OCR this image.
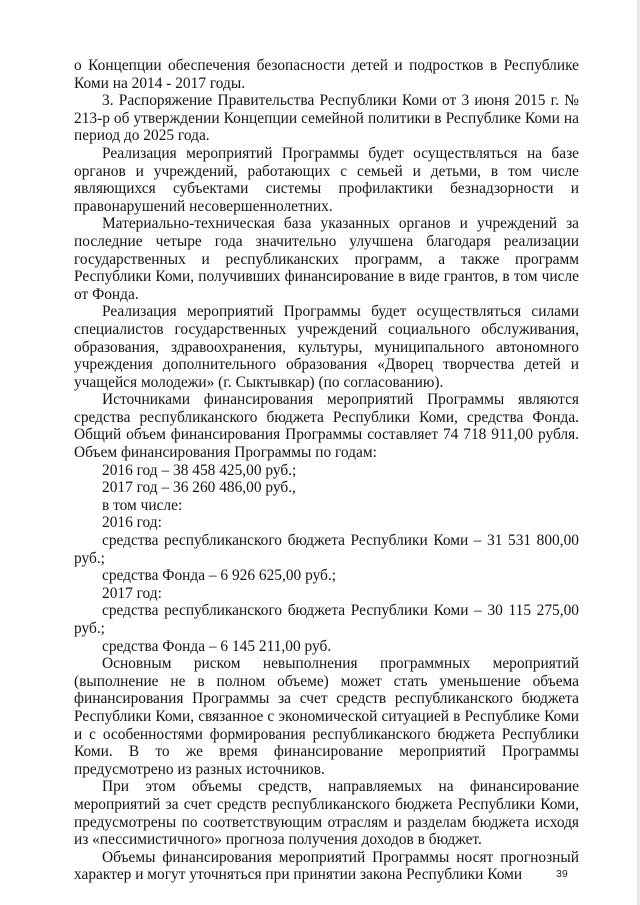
о Концепции обеспечения безопасности детей и подростков в Республике Коми на 2014 - 2017 годы.

3. Распоряжение Правительства Республики Коми от 3 июня 2015 г. № 213-р об утверждении Концепции семейной политики в Республике Коми на период до 2025 года.

Реализация мероприятий Программы будет осуществляться на базе органов и учреждений, работающих с семьей и детьми, в том числе являющихся субъектами системы профилактики безнадзорности и правонарушений несовершеннолетних.

Материально-техническая база указанных органов и учреждений за последние четыре года значительно улучшена благодаря реализации государственных и республиканских программ, а также программ Республики Коми, получивших финансирование в виде грантов, в том числе от Фонда.

Реализация мероприятий Программы будет осуществляться силами специалистов государственных учреждений социального обслуживания, образования, здравоохранения, культуры, муниципального автономного учреждения дополнительного образования «Дворец творчества детей и учащейся молодежи» (г. Сыктывкар) (по согласованию).

Источниками финансирования мероприятий Программы являются средства республиканского бюджета Республики Коми, средства Фонда. Общий объем финансирования Программы составляет 74 718 911,00 рубля. Объем финансирования Программы по годам:

2016 год – 38 458 425,00 руб.;

2017 год – 36 260 486,00 руб.,

в том числе:

2016 год:

средства республиканского бюджета Республики Коми – 31 531 800,00 руб.;

средства Фонда – 6 926 625,00 руб.;

2017 год:

средства республиканского бюджета Республики Коми – 30 115 275,00 руб.;

средства Фонда – 6 145 211,00 руб.

Основным риском невыполнения программных мероприятий (выполнение не в полном объеме) может стать уменьшение объема финансирования Программы за счет средств республиканского бюджета Республики Коми, связанное с экономической ситуацией в Республике Коми и с особенностями формирования республиканского бюджета Республики Коми. В то же время финансирование мероприятий Программы предусмотрено из разных источников.

При этом объемы средств, направляемых на финансирование мероприятий за счет средств республиканского бюджета Республики Коми, предусмотрены по соответствующим отраслям и разделам бюджета исходя из «пессимистичного» прогноза получения доходов в бюджет.

Объемы финансирования мероприятий Программы носят прогнозный характер и могут уточняться при принятии закона Республики Коми	39
